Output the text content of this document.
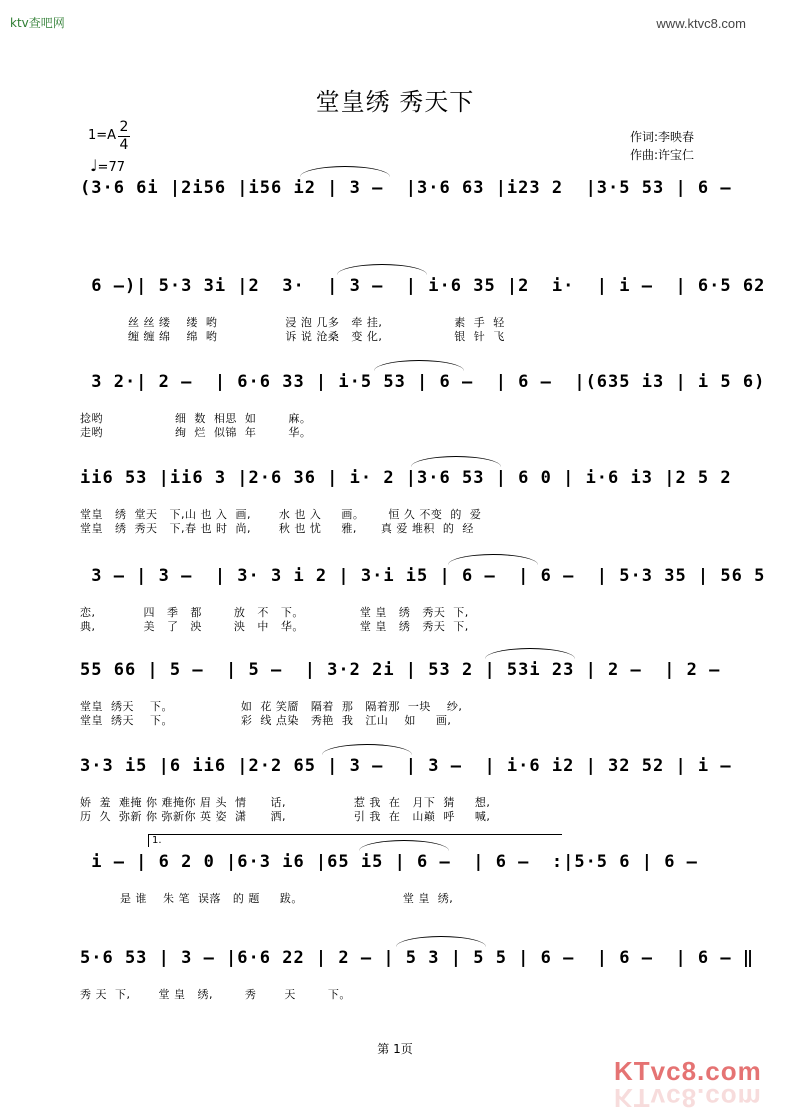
ktv查吧网	www.ktvc8.com
堂皇绣 秀天下
1=A
2
4
♩=77
作词:李映春
作曲:许宝仁
(3·6 6i |2i56 |i56 i2 | 3 —  |3·6 63 |i23 2  |3·5 53 | 6 —
6 —)| 5·3 3i |2  3·  | 3 —  | i·6 35 |2  i·  | i —  | 6·5 62
丝 丝 缕    缕  哟                 浸 泡 几多   牵 挂,                  素  手  轻
缠 缠 绵    绵  哟                 诉 说 沧桑   变 化,                  银  针  飞
3 2·| 2 —  | 6·6 33 | i·5 53 | 6 —  | 6 —  |(635 i3 | i 5 6)
捻哟                  细  数  相思  如        麻。
走哟                  绚  烂  似锦  年        华。
ii6 53 |ii6 3 |2·6 36 | i· 2 |3·6 53 | 6 0 | i·6 i3 |2 5 2
堂皇   绣  堂天   下,山 也 入  画,       水 也 入     画。      恒 久 不变  的  爱
堂皇   绣  秀天   下,春 也 时  尚,       秋 也 忧     雅,      真 爱 堆积  的  经
3 — | 3 —  | 3· 3 i 2 | 3·i i5 | 6 —  | 6 —  | 5·3 35 | 56 5
恋,            四   季   都        放   不   下。              堂 皇   绣   秀天  下,
典,            美   了   泱        泱   中   华。              堂 皇   绣   秀天  下,
55 66 | 5 —  | 5 —  | 3·2 2i | 53 2 | 53i 23 | 2 —  | 2 —
堂皇  绣天    下。                 如  花 笑靥   隔着  那   隔着那  一块    纱,
堂皇  绣天    下。                 彩  线 点染   秀艳  我   江山    如     画,
3·3 i5 |6 ii6 |2·2 65 | 3 —  | 3 —  | i·6 i2 | 32 52 | i —
娇  羞  难掩 你 难掩你 眉 头  情      话,                 惹 我  在   月下  猜     想,
历  久  弥新 你 弥新你 英 姿  潇      洒,                 引 我  在   山巅  呼     喊,
i — | 6 2 0 |6·3 i6 |65 i5 | 6 —  | 6 —  :|5·5 6 | 6 —
是 谁    朱 笔  误落   的 题     跋。                         堂 皇  绣,
1.
5·6 53 | 3 — |6·6 22 | 2 — | 5 3 | 5 5 | 6 —  | 6 —  | 6 — ‖
秀 天  下,       堂 皇   绣,        秀       天        下。
第 1页
KTvc8.com
KTvc8.com
